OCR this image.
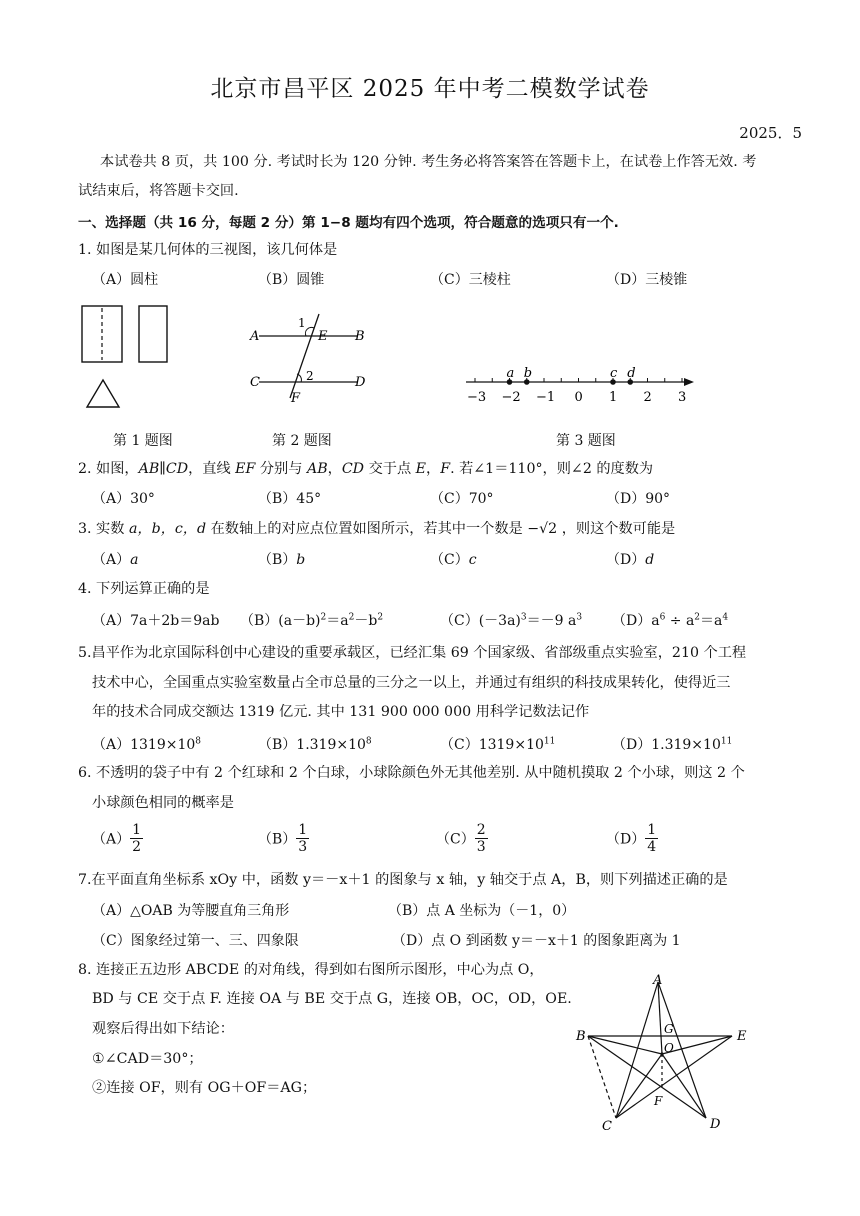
北京市昌平区 2025 年中考二模数学试卷
2025．5
本试卷共 8 页，共 100 分. 考试时长为 120 分钟. 考生务必将答案答在答题卡上，在试卷上作答无效. 考
试结束后，将答题卡交回.
一、选择题（共 16 分，每题 2 分）第 1−8 题均有四个选项，符合题意的选项只有一个.
1. 如图是某几何体的三视图，该几何体是
（A）圆柱	（B）圆锥	（C）三棱柱	（D）三棱锥
A	B
C	D
E
F
1
2
−3 −2 −1 0 1 2 3
a b	c d
第 1 题图	第 2 题图	第 3 题图
2. 如图，AB∥CD，直线 EF 分别与 AB，CD 交于点 E，F. 若∠1＝110°，则∠2 的度数为
（A）30°	（B）45°	（C）70°	（D）90°
3. 实数 a，b，c，d 在数轴上的对应点位置如图所示，若其中一个数是 −√2 ，则这个数可能是
（A）a	（B）b	（C）c	（D）d
4. 下列运算正确的是
（A）7a＋2b＝9ab $(B)(a-b)^2=a^2-b^2$	$(C)(-3a)^3=-9$ $a^3$ $(D)a^6 \div a^2=a^4$
5.昌平作为北京国际科创中心建设的重要承载区，已经汇集 69 个国家级、省部级重点实验室，210 个工程
技术中心，全国重点实验室数量占全市总量的三分之一以上，并通过有组织的科技成果转化，使得近三
年的技术合同成交额达 1319 亿元. 其中 131 900 000 000 用科学记数法记作
$(A)1319\times 10^8$	$(B)1.319\times 10^8$	$(C)1319\times 10^{11}$	$(D)1.319\times 10^{11}$
6. 不透明的袋子中有 2 个红球和 2 个白球，小球除颜色外无其他差别. 从中随机摸取 2 个小球，则这 2 个
小球颜色相同的概率是
$(A) \frac{1}{2}$	$(B) \frac{1}{3}$	$(C) \frac{2}{3}$	$(D) \frac{1}{4}$
7.在平面直角坐标系 xOy 中，函数 y＝－x＋1 的图象与 x 轴，y 轴交于点 A，B，则下列描述正确的是
（A）△OAB 为等腰直角三角形	（B）点 A 坐标为（－1，0）
（C）图象经过第一、三、四象限	（D）点 O 到函数 y＝－x＋1 的图象距离为 1
8. 连接正五边形 ABCDE 的对角线，得到如右图所示图形，中心为点 O，
BD 与 CE 交于点 F. 连接 OA 与 BE 交于点 G，连接 OB，OC，OD，OE.
观察后得出如下结论：
①∠CAD＝30°；
②连接 OF，则有 OG＋OF＝AG；
A
B
C	D
E
G
O
F
